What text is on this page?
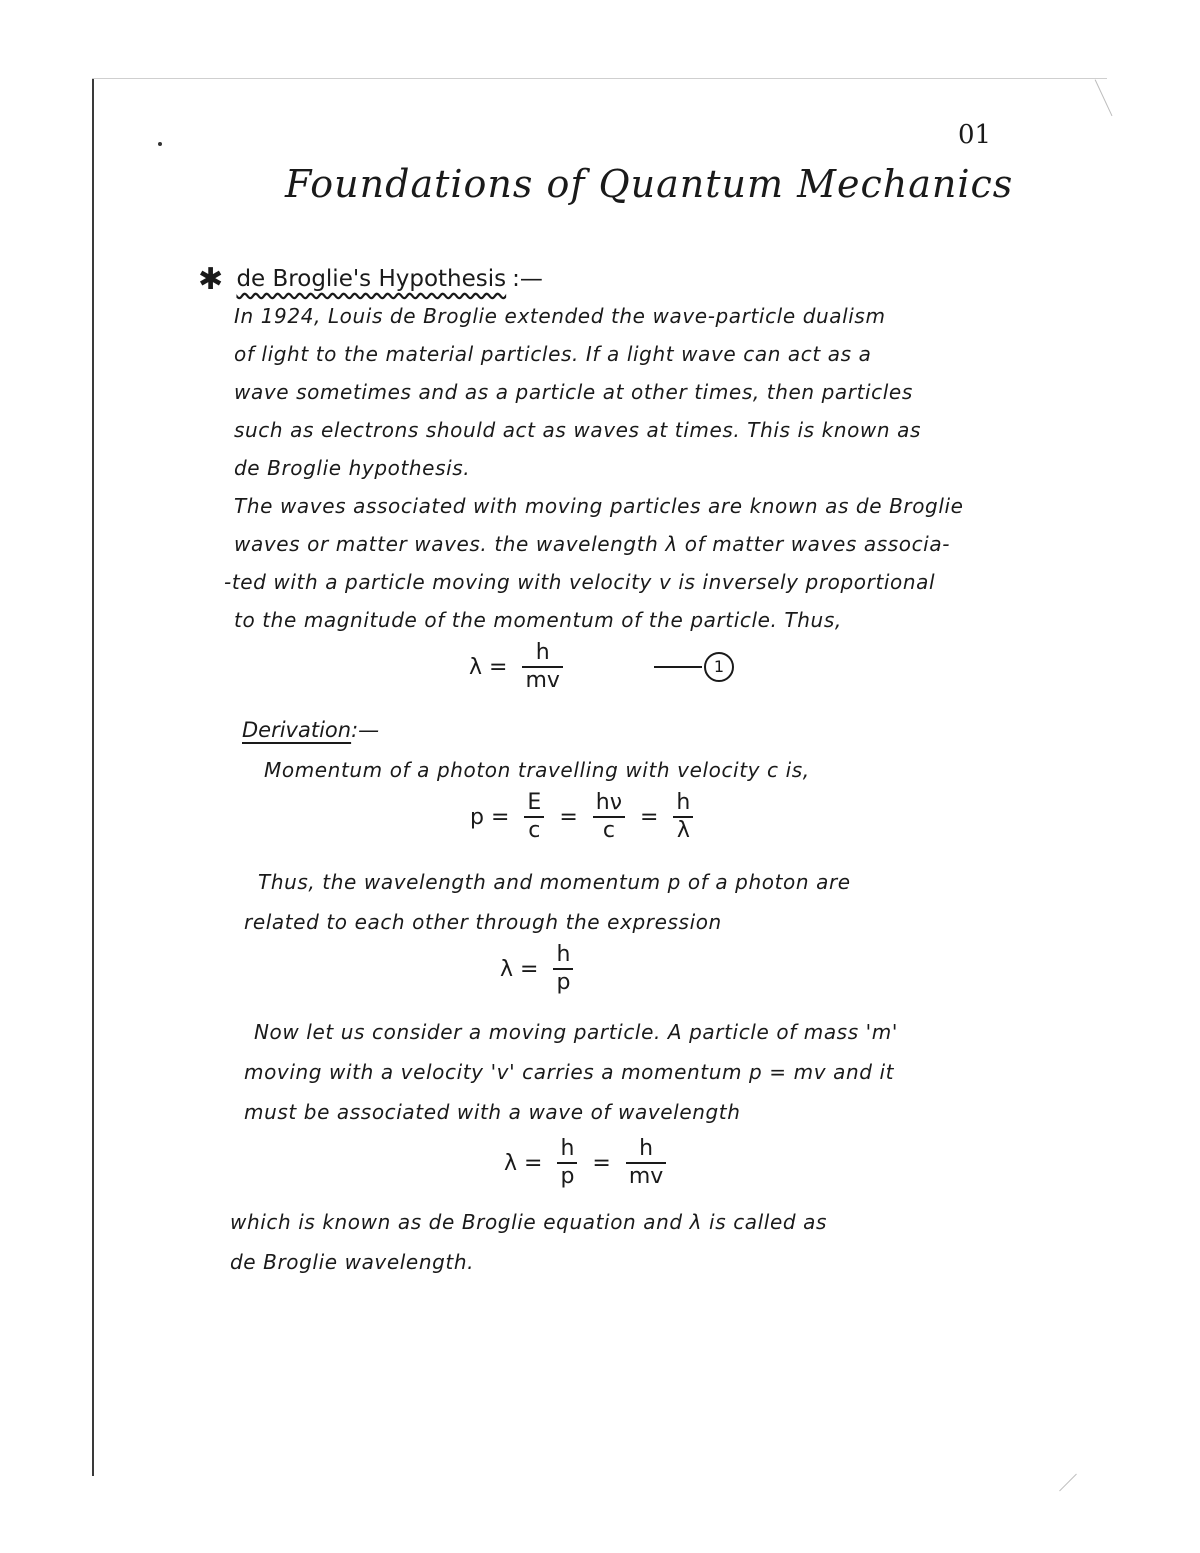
01
Foundations of Quantum Mechanics
✱ de Broglie's Hypothesis :—
In 1924, Louis de Broglie extended the wave-particle dualism
of light to the material particles. If a light wave can act as a
wave sometimes and as a particle at other times, then particles
such as electrons should act as waves at times. This is known as
de Broglie hypothesis.
The waves associated with moving particles are known as de Broglie
waves or matter waves. the wavelength λ of matter waves associa-
-ted with a particle moving with velocity v is inversely proportional
to the magnitude of the momentum of the particle. Thus,
$\lambda = \frac{h}{mv}$	1
Derivation:—
Momentum of a photon travelling with velocity c is,
$p = \frac{E}{c} = \frac{h\nu}{c} = \frac{h}{\lambda}$
Thus, the wavelength and momentum p of a photon are
related to each other through the expression
$\lambda = \frac{h}{p}$
Now let us consider a moving particle. A particle of mass 'm'
moving with a velocity 'v' carries a momentum p = mv and it
must be associated with a wave of wavelength
$\lambda = \frac{h}{p} = \frac{h}{mv}$
which is known as de Broglie equation and λ is called as
de Broglie wavelength.
